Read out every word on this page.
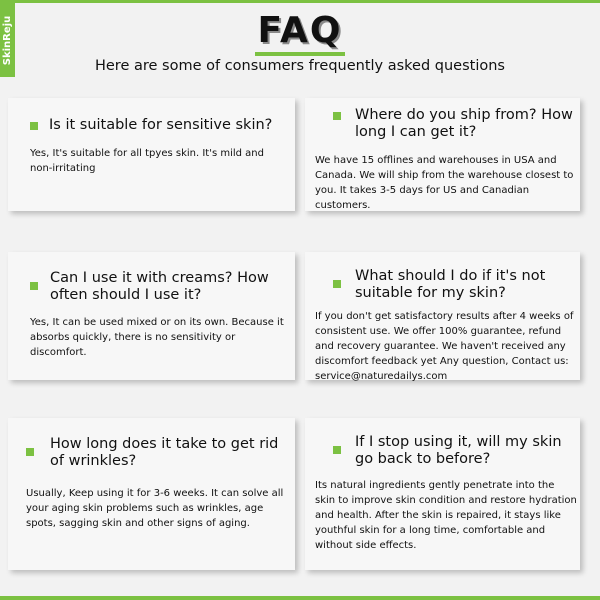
SkinReju	FAQ
Here are some of consumers frequently asked questions
Is it suitable for sensitive skin?
Yes, It's suitable for all tpyes skin. It's mild and non-irritating
Where do you ship from? How long I can get it?
We have 15 offlines and warehouses in USA and Canada. We will ship from the warehouse closest to you. It takes 3-5 days for US and Canadian customers.
Can I use it with creams? How often should I use it?
Yes, It can be used mixed or on its own. Because it absorbs quickly, there is no sensitivity or discomfort.
What should I do if it's not suitable for my skin?
If you don't get satisfactory results after 4 weeks of consistent use. We offer 100% guarantee, refund and recovery guarantee. We haven't received any discomfort feedback yet Any question, Contact us: service@naturedailys.com
How long does it take to get rid of wrinkles?
Usually, Keep using it for 3-6 weeks. It can solve all your aging skin problems such as wrinkles, age spots, sagging skin and other signs of aging.
If I stop using it, will my skin go back to before?
Its natural ingredients gently penetrate into the skin to improve skin condition and restore hydration and health. After the skin is repaired, it stays like youthful skin for a long time, comfortable and without side effects.
